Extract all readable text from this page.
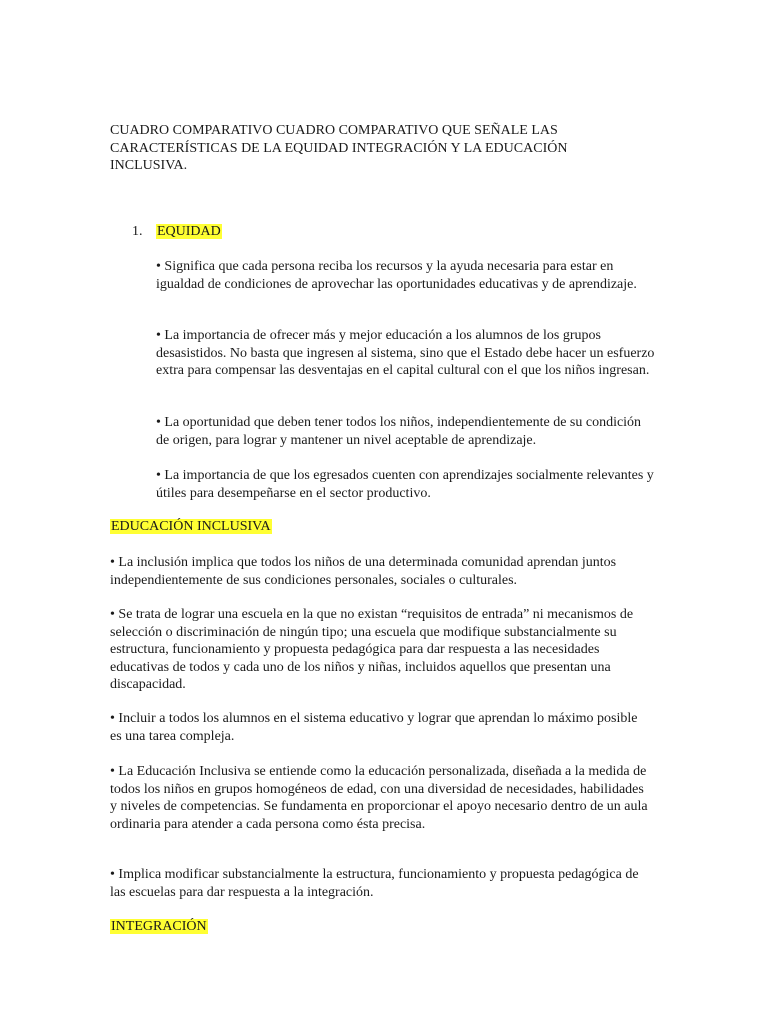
CUADRO COMPARATIVO CUADRO COMPARATIVO QUE SEÑALE LAS CARACTERÍSTICAS DE LA EQUIDAD INTEGRACIÓN Y LA EDUCACIÓN INCLUSIVA.

1. EQUIDAD

• Significa que cada persona reciba los recursos y la ayuda necesaria para estar en igualdad de condiciones de aprovechar las oportunidades educativas y de aprendizaje.

• La importancia de ofrecer más y mejor educación a los alumnos de los grupos desasistidos. No basta que ingresen al sistema, sino que el Estado debe hacer un esfuerzo extra para compensar las desventajas en el capital cultural con el que los niños ingresan.

• La oportunidad que deben tener todos los niños, independientemente de su condición de origen, para lograr y mantener un nivel aceptable de aprendizaje.

• La importancia de que los egresados cuenten con aprendizajes socialmente relevantes y útiles para desempeñarse en el sector productivo.

EDUCACIÓN INCLUSIVA

• La inclusión implica que todos los niños de una determinada comunidad aprendan juntos independientemente de sus condiciones personales, sociales o culturales.

• Se trata de lograr una escuela en la que no existan “requisitos de entrada” ni mecanismos de selección o discriminación de ningún tipo; una escuela que modifique substancialmente su estructura, funcionamiento y propuesta pedagógica para dar respuesta a las necesidades educativas de todos y cada uno de los niños y niñas, incluidos aquellos que presentan una discapacidad.

• Incluir a todos los alumnos en el sistema educativo y lograr que aprendan lo máximo posible es una tarea compleja.

• La Educación Inclusiva se entiende como la educación personalizada, diseñada a la medida de todos los niños en grupos homogéneos de edad, con una diversidad de necesidades, habilidades y niveles de competencias. Se fundamenta en proporcionar el apoyo necesario dentro de un aula ordinaria para atender a cada persona como ésta precisa.

• Implica modificar substancialmente la estructura, funcionamiento y propuesta pedagógica de las escuelas para dar respuesta a la integración.

INTEGRACIÓN
